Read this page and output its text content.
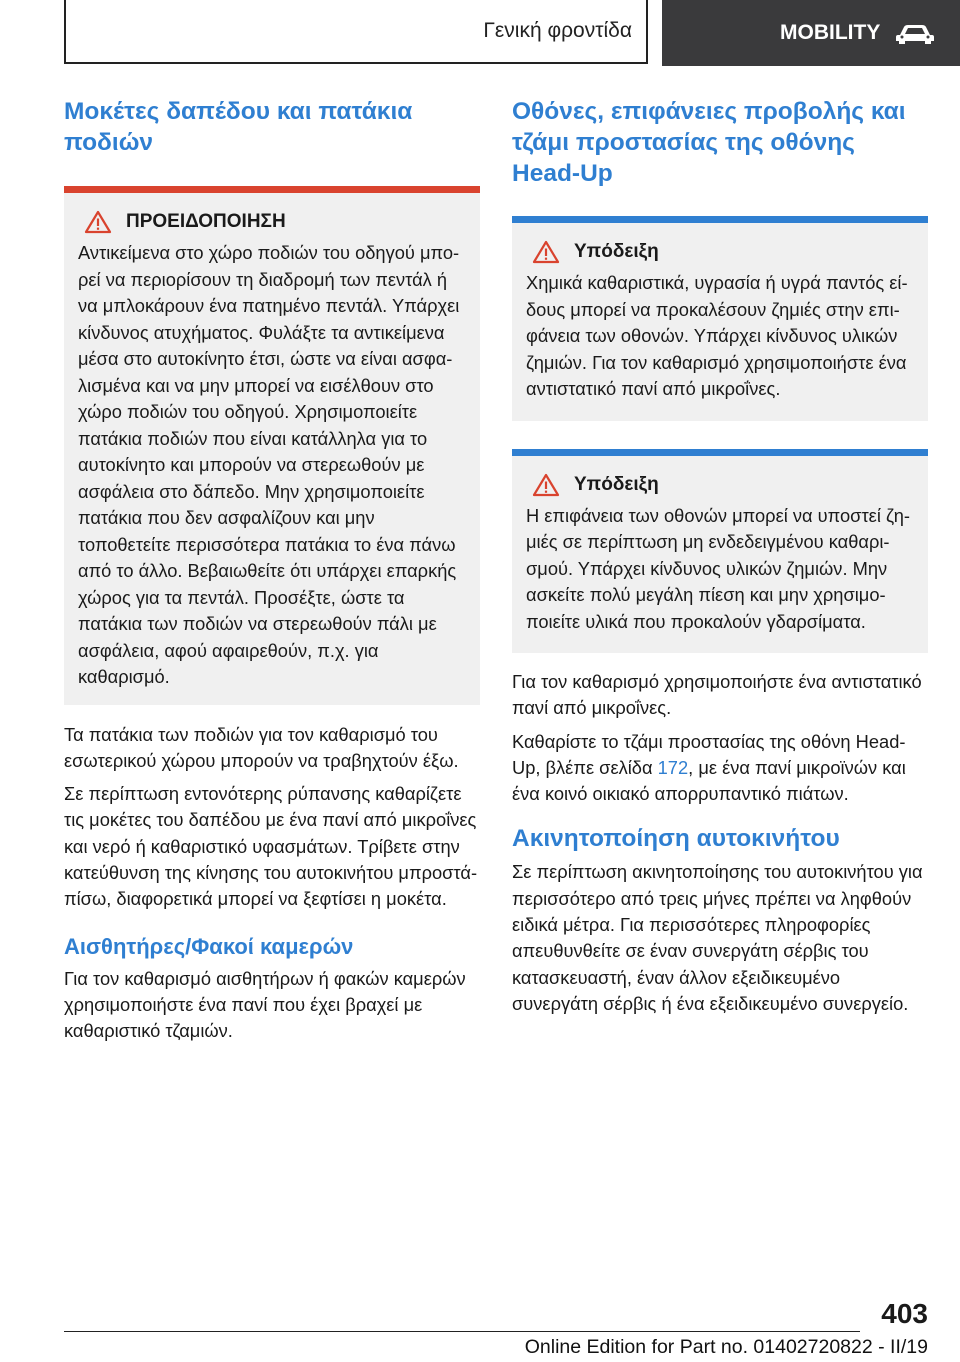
Γενική φροντίδα	MOBILITY
Μοκέτες δαπέδου και πατάκια ποδιών
ΠΡΟΕΙΔΟΠΟΙΗΣΗ

Αντικείμενα στο χώρο ποδιών του οδηγού μπορεί να περιορίσουν τη διαδρομή των πεντάλ ή να μπλοκάρουν ένα πατημένο πεντάλ. Υπάρχει κίνδυνος ατυχήματος. Φυλάξτε τα αντικείμενα μέσα στο αυτοκίνητο έτσι, ώστε να είναι ασφαλισμένα και να μην μπορεί να εισέλθουν στο χώρο ποδιών του οδηγού. Χρησιμοποιείτε πατάκια ποδιών που είναι κατάλληλα για το αυτοκίνητο και μπορούν να στερεωθούν με ασφάλεια στο δάπεδο. Μην χρησιμοποιείτε πατάκια που δεν ασφαλίζουν και μην τοποθετείτε περισσότερα πατάκια το ένα πάνω από το άλλο. Βεβαιωθείτε ότι υπάρχει επαρκής χώρος για τα πεντάλ. Προσέξτε, ώστε τα πατάκια των ποδιών να στερεωθούν πάλι με ασφάλεια, αφού αφαιρεθούν, π.χ. για καθαρισμό.

Τα πατάκια των ποδιών για τον καθαρισμό του εσωτερικού χώρου μπορούν να τραβηχτούν έξω.

Σε περίπτωση εντονότερης ρύπανσης καθαρίζετε τις μοκέτες του δαπέδου με ένα πανί από μικροΐνες και νερό ή καθαριστικό υφασμάτων. Τρίβετε στην κατεύθυνση της κίνησης του αυτοκινήτου μπροστά-πίσω, διαφορετικά μπορεί να ξεφτίσει η μοκέτα.

Αισθητήρες/Φακοί καμερών

Για τον καθαρισμό αισθητήρων ή φακών καμερών χρησιμοποιήστε ένα πανί που έχει βραχεί με καθαριστικό τζαμιών.

Οθόνες, επιφάνειες προβολής και τζάμι προστασίας της οθόνης Head-Up
Υπόδειξη

Χημικά καθαριστικά, υγρασία ή υγρά παντός είδους μπορεί να προκαλέσουν ζημιές στην επιφάνεια των οθονών. Υπάρχει κίνδυνος υλικών ζημιών. Για τον καθαρισμό χρησιμοποιήστε ένα αντιστατικό πανί από μικροΐνες.

Υπόδειξη

Η επιφάνεια των οθονών μπορεί να υποστεί ζημιές σε περίπτωση μη ενδεδειγμένου καθαρισμού. Υπάρχει κίνδυνος υλικών ζημιών. Μην ασκείτε πολύ μεγάλη πίεση και μην χρησιμοποιείτε υλικά που προκαλούν γδαρσίματα.

Για τον καθαρισμό χρησιμοποιήστε ένα αντιστατικό πανί από μικροΐνες.

Καθαρίστε το τζάμι προστασίας της οθόνη Head-Up, βλέπε σελίδα 172, με ένα πανί μικροϊνών και ένα κοινό οικιακό απορρυπαντικό πιάτων.

Ακινητοποίηση αυτοκινήτου

Σε περίπτωση ακινητοποίησης του αυτοκινήτου για περισσότερο από τρεις μήνες πρέπει να ληφθούν ειδικά μέτρα. Για περισσότερες πληροφορίες απευθυνθείτε σε έναν συνεργάτη σέρβις του κατασκευαστή, έναν άλλον εξειδικευμένο συνεργάτη σέρβις ή ένα εξειδικευμένο συνεργείο.

403
Online Edition for Part no. 01402720822 - II/19
